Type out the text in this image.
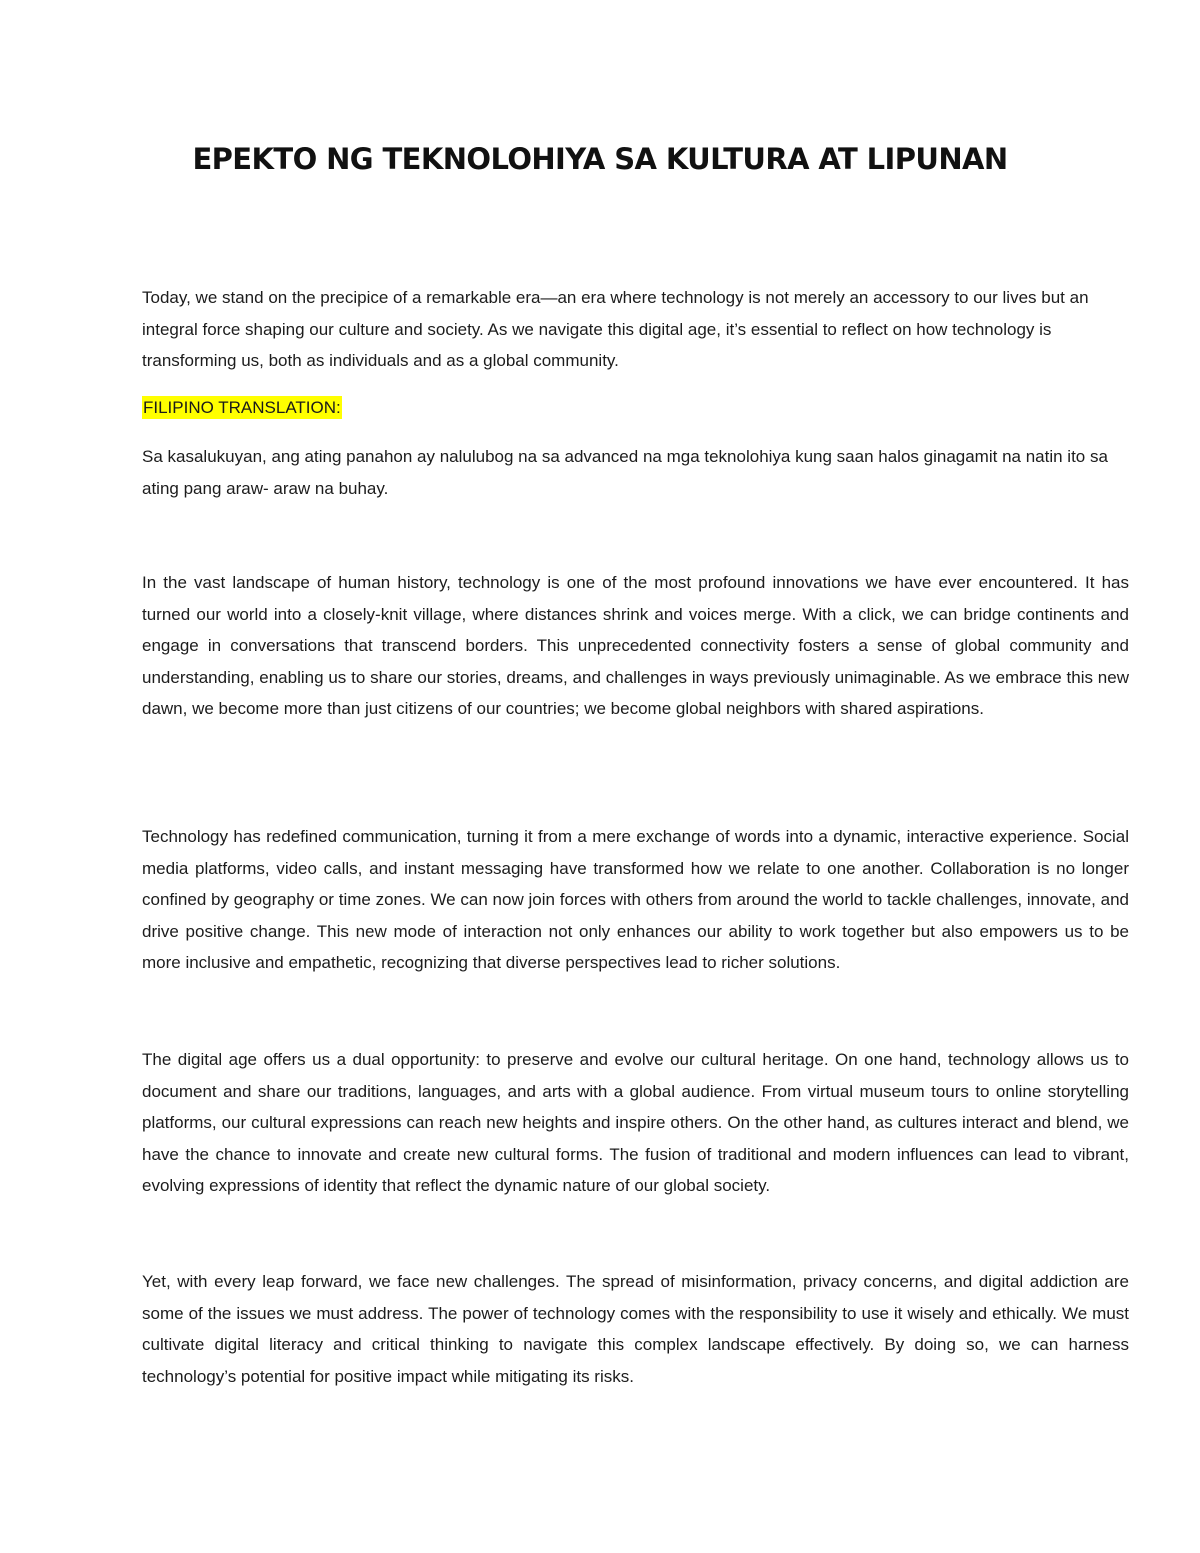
EPEKTO NG TEKNOLOHIYA SA KULTURA AT LIPUNAN

Today, we stand on the precipice of a remarkable era—an era where technology is not merely an accessory to our lives but an integral force shaping our culture and society. As we navigate this digital age, it’s essential to reflect on how technology is transforming us, both as individuals and as a global community.

FILIPINO TRANSLATION:

Sa kasalukuyan, ang ating panahon ay nalulubog na sa advanced na mga teknolohiya kung saan halos ginagamit na natin ito sa ating pang araw- araw na buhay.

In the vast landscape of human history, technology is one of the most profound innovations we have ever encountered. It has turned our world into a closely-knit village, where distances shrink and voices merge. With a click, we can bridge continents and engage in conversations that transcend borders. This unprecedented connectivity fosters a sense of global community and understanding, enabling us to share our stories, dreams, and challenges in ways previously unimaginable. As we embrace this new dawn, we become more than just citizens of our countries; we become global neighbors with shared aspirations.

Technology has redefined communication, turning it from a mere exchange of words into a dynamic, interactive experience. Social media platforms, video calls, and instant messaging have transformed how we relate to one another. Collaboration is no longer confined by geography or time zones. We can now join forces with others from around the world to tackle challenges, innovate, and drive positive change. This new mode of interaction not only enhances our ability to work together but also empowers us to be more inclusive and empathetic, recognizing that diverse perspectives lead to richer solutions.

The digital age offers us a dual opportunity: to preserve and evolve our cultural heritage. On one hand, technology allows us to document and share our traditions, languages, and arts with a global audience. From virtual museum tours to online storytelling platforms, our cultural expressions can reach new heights and inspire others. On the other hand, as cultures interact and blend, we have the chance to innovate and create new cultural forms. The fusion of traditional and modern influences can lead to vibrant, evolving expressions of identity that reflect the dynamic nature of our global society.

Yet, with every leap forward, we face new challenges. The spread of misinformation, privacy concerns, and digital addiction are some of the issues we must address. The power of technology comes with the responsibility to use it wisely and ethically. We must cultivate digital literacy and critical thinking to navigate this complex landscape effectively. By doing so, we can harness technology’s potential for positive impact while mitigating its risks.
